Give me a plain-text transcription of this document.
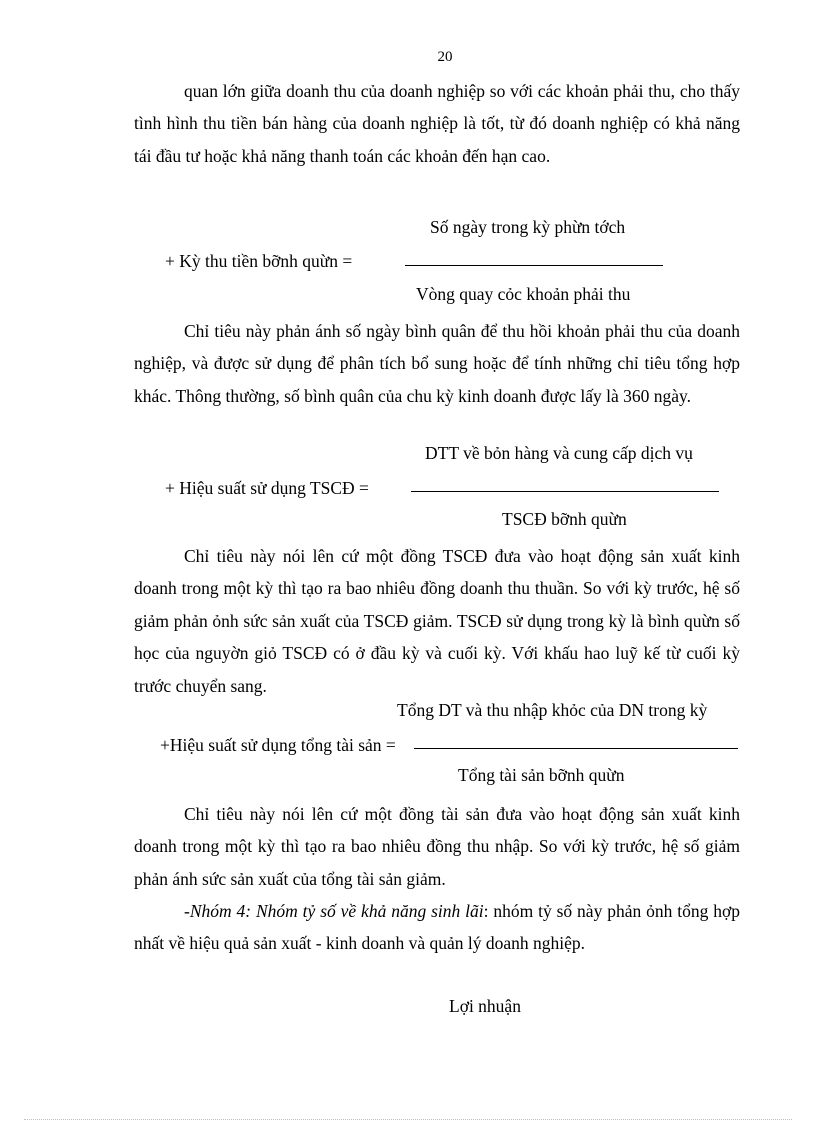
20

quan lớn giữa doanh thu của doanh nghiệp so với các khoản phải thu, cho thấy tình hình thu tiền bán hàng của doanh nghiệp là tốt, từ đó doanh nghiệp có khả năng tái đầu tư hoặc khả năng thanh toán các khoản đến hạn cao.

Số ngày trong kỳ phừn tớch
+ Kỳ thu tiền bỡnh quừn =
Vòng quay cỏc khoản phải thu

Chỉ tiêu này phản ánh số ngày bình quân để thu hồi khoản phải thu của doanh nghiệp, và được sử dụng để phân tích bổ sung hoặc để tính những chỉ tiêu tổng hợp khác. Thông thường, số bình quân của chu kỳ kinh doanh được lấy là 360 ngày.

DTT về bỏn hàng và cung cấp dịch vụ
+ Hiệu suất sử dụng TSCĐ =
TSCĐ bỡnh quừn

Chỉ tiêu này nói lên cứ một đồng TSCĐ đưa vào hoạt động sản xuất kinh doanh trong một kỳ thì tạo ra bao nhiêu đồng doanh thu thuần. So với kỳ trước, hệ số giảm phản ỏnh sức sản xuất của TSCĐ giảm. TSCĐ sử dụng trong kỳ là bình quừn số học của nguyờn giỏ TSCĐ có ở đầu kỳ và cuối kỳ. Với khấu hao luỹ kế từ cuối kỳ trước chuyển sang.

Tổng DT và thu nhập khỏc của DN trong kỳ
+Hiệu suất sử dụng tổng tài sản =
Tổng tài sản bỡnh quừn

Chỉ tiêu này nói lên cứ một đồng tài sản đưa vào hoạt động sản xuất kinh doanh trong một kỳ thì tạo ra bao nhiêu đồng thu nhập. So với kỳ trước, hệ số giảm phản ánh sức sản xuất của tổng tài sản giảm.

-Nhóm 4: Nhóm tỷ số về khả năng sinh lãi: nhóm tỷ số này phản ỏnh tổng hợp nhất về hiệu quả sản xuất - kinh doanh và quản lý doanh nghiệp.

Lợi nhuận
